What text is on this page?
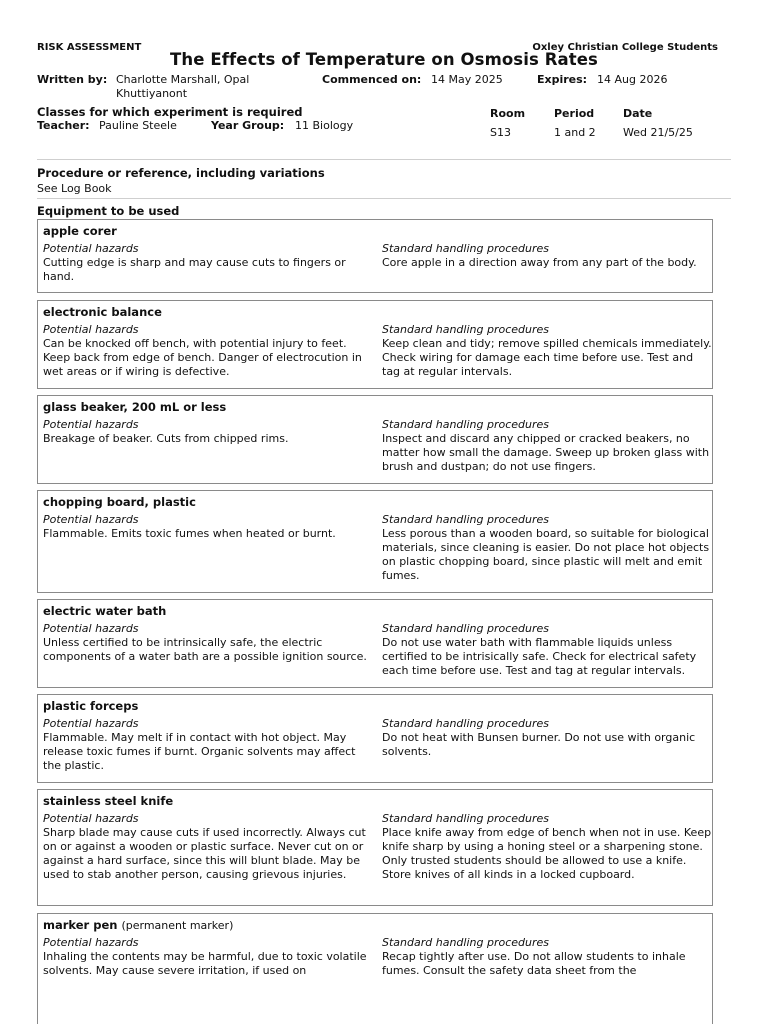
RISK ASSESSMENT	Oxley Christian College Students
The Effects of Temperature on Osmosis Rates
Written by: Charlotte Marshall, Opal
Khuttiyanont
Commenced on: 14 May 2025	Expires: 14 Aug 2026
Classes for which experiment is required
Teacher: Pauline Steele	Year Group: 11 Biology
Room	Period	Date
S13	1 and 2 Wed 21/5/25
Procedure or reference, including variations
See Log Book
Equipment to be used
apple corer
Potential hazards
Cutting edge is sharp and may cause cuts to fingers or hand.
Standard handling procedures
Core apple in a direction away from any part of the body.
electronic balance
Potential hazards
Can be knocked off bench, with potential injury to feet. Keep back from edge of bench. Danger of electrocution in wet areas or if wiring is defective.
Standard handling procedures
Keep clean and tidy; remove spilled chemicals immediately. Check wiring for damage each time before use. Test and tag at regular intervals.
glass beaker, 200 mL or less
Potential hazards
Breakage of beaker. Cuts from chipped rims.
Standard handling procedures
Inspect and discard any chipped or cracked beakers, no matter how small the damage. Sweep up broken glass with brush and dustpan; do not use fingers.
chopping board, plastic
Potential hazards
Flammable. Emits toxic fumes when heated or burnt.
Standard handling procedures
Less porous than a wooden board, so suitable for biological materials, since cleaning is easier. Do not place hot objects on plastic chopping board, since plastic will melt and emit fumes.
electric water bath
Potential hazards
Unless certified to be intrinsically safe, the electric components of a water bath are a possible ignition source.
Standard handling procedures
Do not use water bath with flammable liquids unless certified to be intrisically safe. Check for electrical safety each time before use. Test and tag at regular intervals.
plastic forceps
Potential hazards
Flammable. May melt if in contact with hot object. May release toxic fumes if burnt. Organic solvents may affect the plastic.
Standard handling procedures
Do not heat with Bunsen burner. Do not use with organic solvents.
stainless steel knife
Potential hazards
Sharp blade may cause cuts if used incorrectly. Always cut on or against a wooden or plastic surface. Never cut on or against a hard surface, since this will blunt blade. May be used to stab another person, causing grievous injuries.
Standard handling procedures
Place knife away from edge of bench when not in use. Keep knife sharp by using a honing steel or a sharpening stone. Only trusted students should be allowed to use a knife. Store knives of all kinds in a locked cupboard.
marker pen (permanent marker)
Potential hazards
Inhaling the contents may be harmful, due to toxic volatile solvents. May cause severe irritation, if used on
Standard handling procedures
Recap tightly after use. Do not allow students to inhale fumes. Consult the safety data sheet from the
